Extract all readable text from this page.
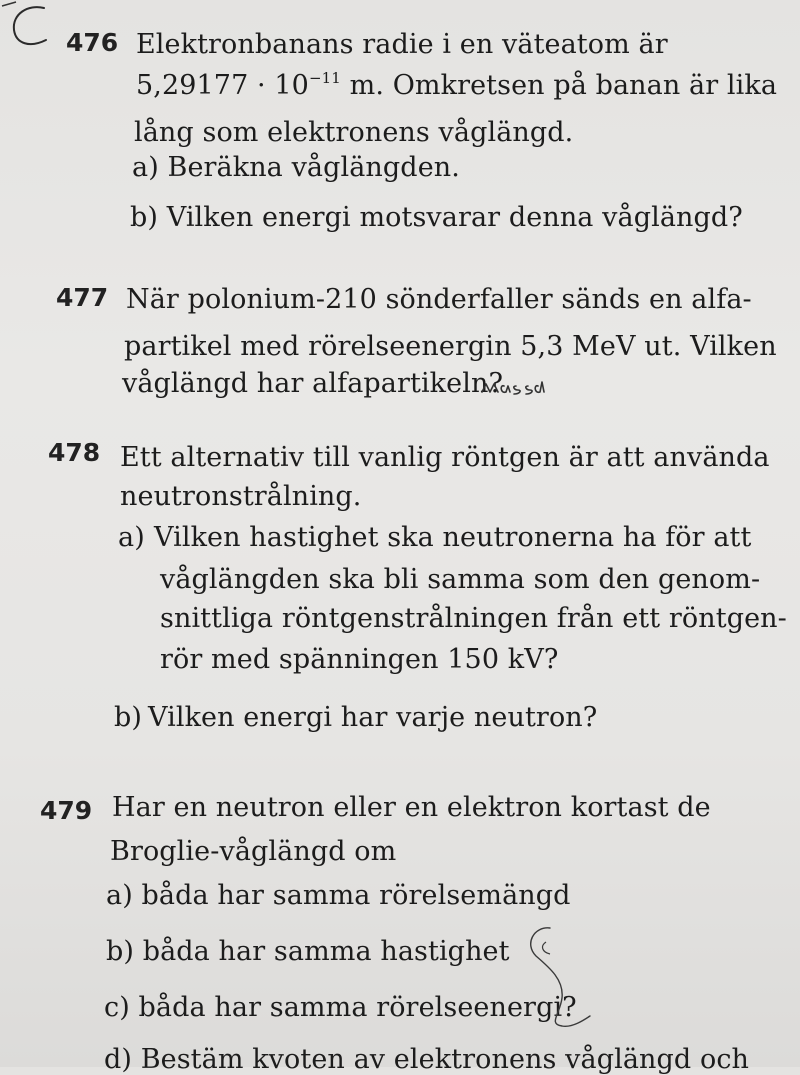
476 Elektronbanans radie i en väteatom är
$5,29177 \cdot 10^{-11}$ m. Omkretsen på banan är lika
lång som elektronens våglängd.
a) Beräkna våglängden.
b) Vilken energi motsvarar denna våglängd?
477 När polonium-210 sönderfaller sänds en alfa-
partikel med rörelseenergin 5,3 MeV ut. Vilken
våglängd har alfapartikeln?
478 Ett alternativ till vanlig röntgen är att använda
neutronstrålning.
a) Vilken hastighet ska neutronerna ha för att
våglängden ska bli samma som den genom-
snittliga röntgenstrålningen från ett röntgen-
rör med spänningen 150 kV?
b) Vilken energi har varje neutron?
479 Har en neutron eller en elektron kortast de
Broglie-våglängd om
a) båda har samma rörelsemängd
b) båda har samma hastighet
c) båda har samma rörelseenergi?
d) Bestäm kvoten av elektronens våglängd och
